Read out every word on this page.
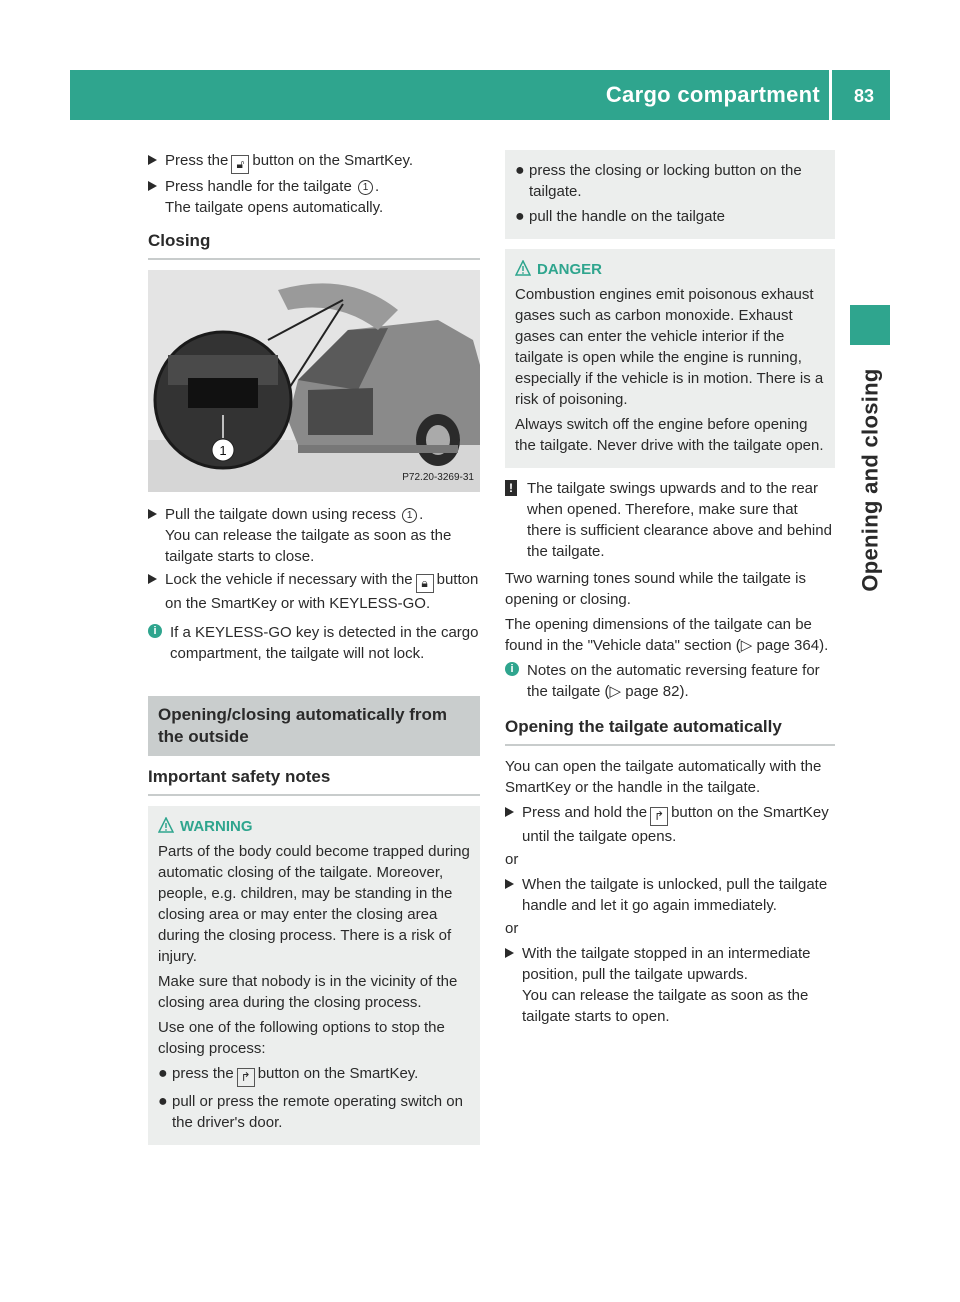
Cargo compartment 83
Opening and closing
Press the 🔓︎ button on the SmartKey.
Press handle for the tailgate 1 .
The tailgate opens automatically.
Closing
1
P72.20-3269-31
Pull the tailgate down using recess 1 .
You can release the tailgate as soon as the tailgate starts to close.
Lock the vehicle if necessary with the 🔒︎ button on the SmartKey or with KEYLESS-GO.
i If a KEYLESS-GO key is detected in the cargo compartment, the tailgate will not lock.
Opening/closing automatically from the outside
Important safety notes
WARNING

Parts of the body could become trapped during automatic closing of the tailgate. Moreover, people, e.g. children, may be standing in the closing area or may enter the closing area during the closing process. There is a risk of injury.

Make sure that nobody is in the vicinity of the closing area during the closing process.

Use one of the following options to stop the closing process:

● press the ↱ button on the SmartKey.
● pull or press the remote operating switch on the driver's door.
● press the closing or locking button on the tailgate.
● pull the handle on the tailgate
DANGER

Combustion engines emit poisonous exhaust gases such as carbon monoxide. Exhaust gases can enter the vehicle interior if the tailgate is open while the engine is running, especially if the vehicle is in motion. There is a risk of poisoning.

Always switch off the engine before opening the tailgate. Never drive with the tailgate open.

! The tailgate swings upwards and to the rear when opened. Therefore, make sure that there is sufficient clearance above and behind the tailgate.

Two warning tones sound while the tailgate is opening or closing.

The opening dimensions of the tailgate can be found in the "Vehicle data" section (▷ page 364).

i Notes on the automatic reversing feature for the tailgate (▷ page 82).
Opening the tailgate automatically

You can open the tailgate automatically with the SmartKey or the handle in the tailgate.

Press and hold the ↱ button on the SmartKey until the tailgate opens.

or

When the tailgate is unlocked, pull the tailgate handle and let it go again immediately.

or

With the tailgate stopped in an intermediate position, pull the tailgate upwards.
You can release the tailgate as soon as the tailgate starts to open.
